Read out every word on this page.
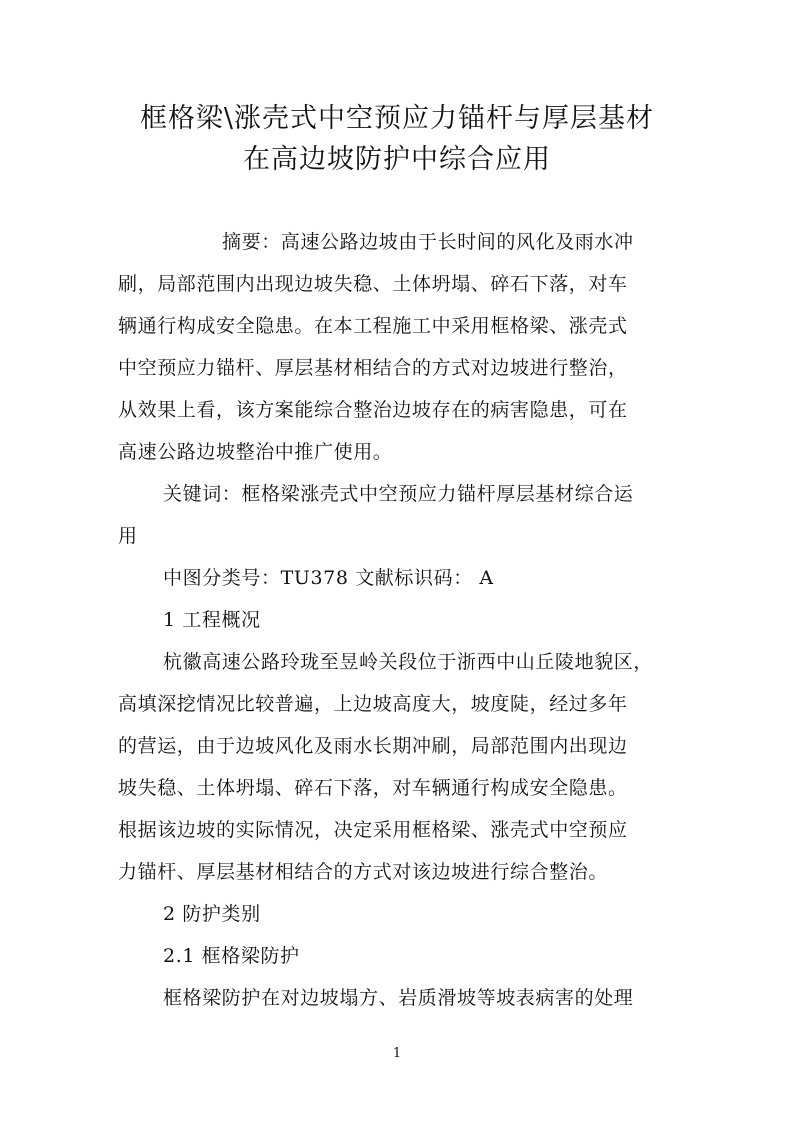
框格梁\涨壳式中空预应力锚杆与厚层基材
在高边坡防护中综合应用
摘要：高速公路边坡由于长时间的风化及雨水冲
刷，局部范围内出现边坡失稳、土体坍塌、碎石下落，对车
辆通行构成安全隐患。在本工程施工中采用框格梁、涨壳式
中空预应力锚杆、厚层基材相结合的方式对边坡进行整治，
从效果上看，该方案能综合整治边坡存在的病害隐患，可在
高速公路边坡整治中推广使用。
关键词：框格梁涨壳式中空预应力锚杆厚层基材综合运
用
中图分类号：TU378 文献标识码： A
1 工程概况
杭徽高速公路玲珑至昱岭关段位于浙西中山丘陵地貌区，
高填深挖情况比较普遍，上边坡高度大，坡度陡，经过多年
的营运，由于边坡风化及雨水长期冲刷，局部范围内出现边
坡失稳、土体坍塌、碎石下落，对车辆通行构成安全隐患。
根据该边坡的实际情况，决定采用框格梁、涨壳式中空预应
力锚杆、厚层基材相结合的方式对该边坡进行综合整治。
2 防护类别
2.1 框格梁防护
框格梁防护在对边坡塌方、岩质滑坡等坡表病害的处理
1
